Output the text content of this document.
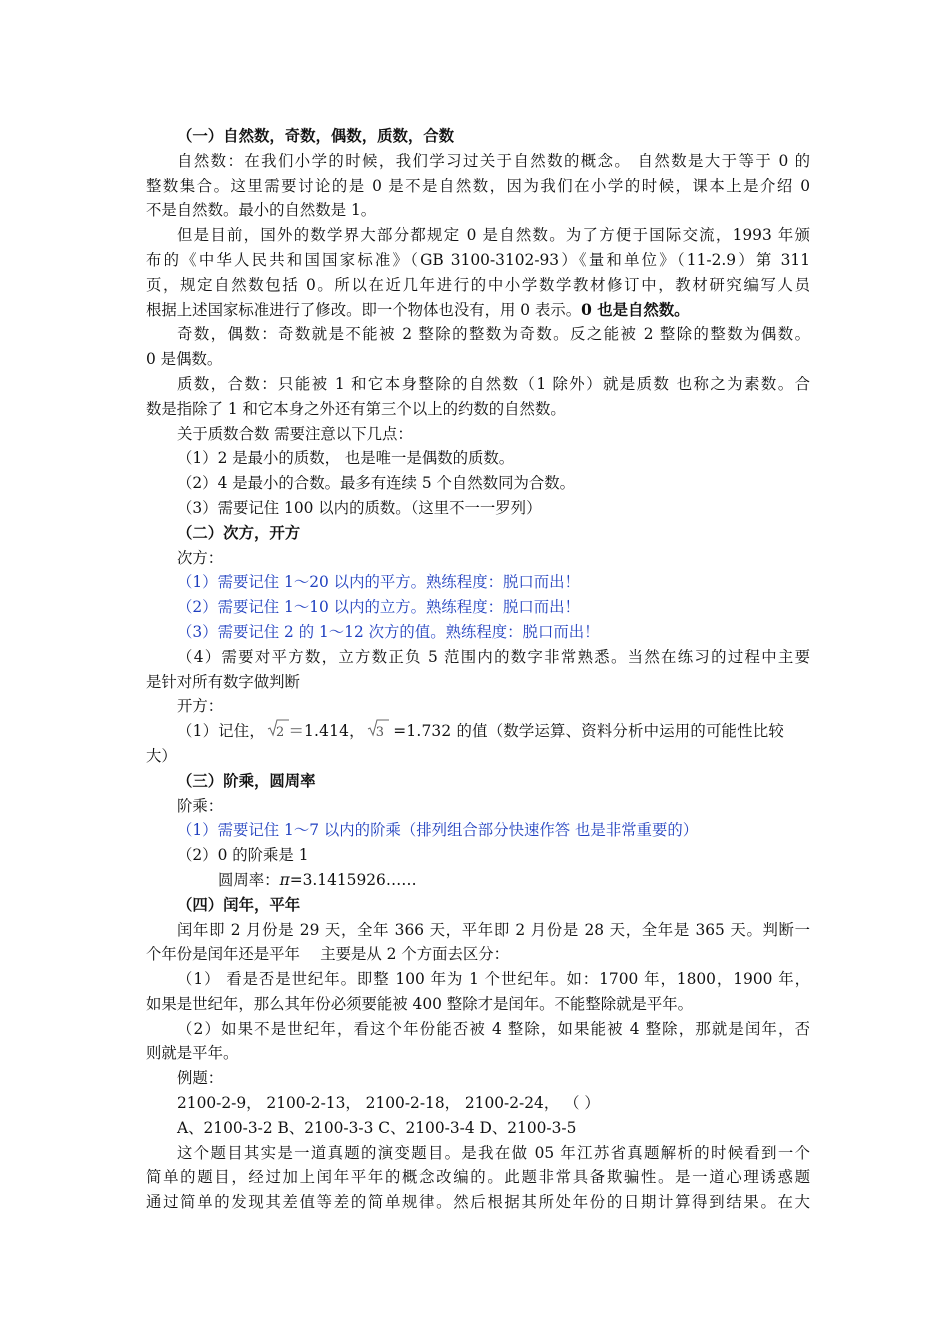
（一）自然数，奇数，偶数，质数，合数
自然数：在我们小学的时候，我们学习过关于自然数的概念。 自然数是大于等于 0 的
整数集合。这里需要讨论的是 0 是不是自然数，因为我们在小学的时候，课本上是介绍 0
不是自然数。最小的自然数是 1。
但是目前，国外的数学界大部分都规定 0 是自然数。为了方便于国际交流，1993 年颁
布的《中华人民共和国国家标准》（GB 3100-3102-93）《量和单位》（11-2.9）第 311
页，规定自然数包括 0。所以在近几年进行的中小学数学教材修订中，教材研究编写人员
根据上述国家标准进行了修改。即一个物体也没有，用 0 表示。0 也是自然数。
奇数，偶数：奇数就是不能被 2 整除的整数为奇数。反之能被 2 整除的整数为偶数。
0 是偶数。
质数，合数：只能被 1 和它本身整除的自然数（1 除外）就是质数 也称之为素数。合
数是指除了 1 和它本身之外还有第三个以上的约数的自然数。
关于质数合数 需要注意以下几点：
（1）2 是最小的质数， 也是唯一是偶数的质数。
（2）4 是最小的合数。最多有连续 5 个自然数同为合数。
（3）需要记住 100 以内的质数。（这里不一一罗列）
（二）次方，开方
次方：
（1）需要记住 1～20 以内的平方。熟练程度：脱口而出！
（2）需要记住 1～10 以内的立方。熟练程度：脱口而出！
（3）需要记住 2 的 1～12 次方的值。熟练程度：脱口而出！
（4）需要对平方数，立方数正负 5 范围内的数字非常熟悉。当然在练习的过程中主要
是针对所有数字做判断
开方：
（1）记住， 2 ＝1.414， 3 =1.732 的值（数学运算、资料分析中运用的可能性比较
大）
（三）阶乘，圆周率
阶乘：
（1）需要记住 1～7 以内的阶乘（排列组合部分快速作答 也是非常重要的）
（2）0 的阶乘是 1
圆周率：π=3.1415926……
（四）闰年，平年
闰年即 2 月份是 29 天，全年 366 天，平年即 2 月份是 28 天，全年是 365 天。判断一
个年份是闰年还是平年 　主要是从 2 个方面去区分：
（1） 看是否是世纪年。即整 100 年为 1 个世纪年。如：1700 年，1800，1900 年，
如果是世纪年，那么其年份必须要能被 400 整除才是闰年。不能整除就是平年。
（2）如果不是世纪年，看这个年份能否被 4 整除，如果能被 4 整除，那就是闰年，否
则就是平年。
例题：
2100-2-9， 2100-2-13， 2100-2-18， 2100-2-24， （ ）
A、2100-3-2 B、2100-3-3 C、2100-3-4 D、2100-3-5
这个题目其实是一道真题的演变题目。是我在做 05 年江苏省真题解析的时候看到一个
简单的题目，经过加上闰年平年的概念改编的。此题非常具备欺骗性。是一道心理诱惑题
通过简单的发现其差值等差的简单规律。然后根据其所处年份的日期计算得到结果。在大
